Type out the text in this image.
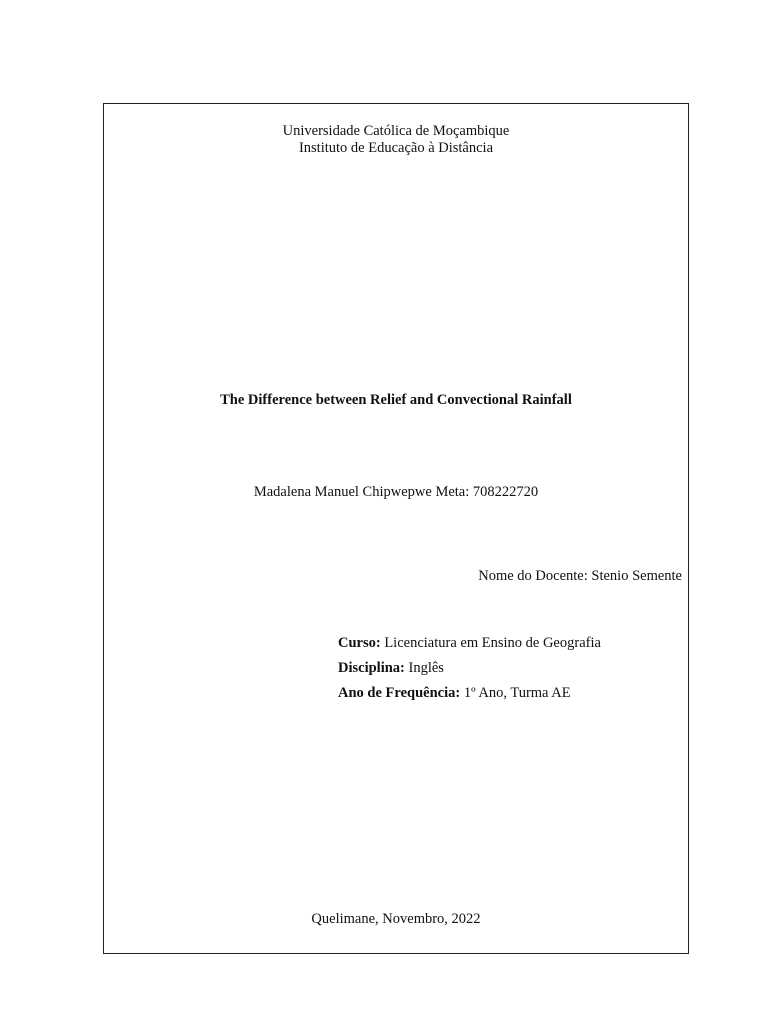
Universidade Católica de Moçambique
Instituto de Educação à Distância
The Difference between Relief and Convectional Rainfall
Madalena Manuel Chipwepwe Meta: 708222720
Nome do Docente: Stenio Semente
Curso: Licenciatura em Ensino de Geografia
Disciplina: Inglês
Ano de Frequência: 1º Ano, Turma AE
Quelimane, Novembro, 2022
